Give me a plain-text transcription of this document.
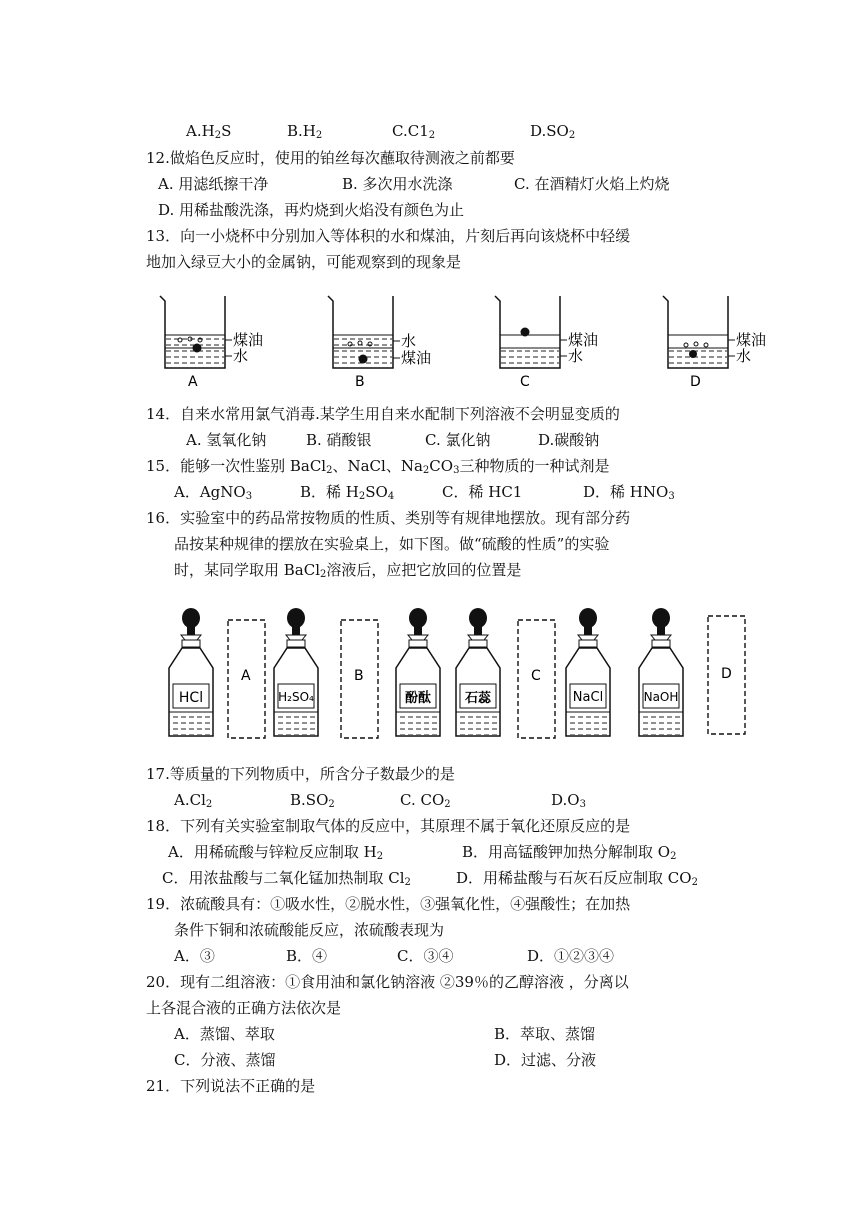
$A.H_2S$	$B.H_2$	$C.C1_2$	$D.SO_2$
12.做焰色反应时，使用的铂丝每次蘸取待测液之前都要
A. 用滤纸擦干净	B. 多次用水洗涤	C. 在酒精灯火焰上灼烧
D. 用稀盐酸洗涤，再灼烧到火焰没有颜色为止
13．向一小烧杯中分别加入等体积的水和煤油，片刻后再向该烧杯中轻缓
地加入绿豆大小的金属钠，可能观察到的现象是
煤油
水
A
水
煤油
B
煤油
水
C
煤油
水
D
14．自来水常用氯气消毒.某学生用自来水配制下列溶液不会明显变质的
A. 氢氧化钠	B. 硝酸银	C. 氯化钠	D.碳酸钠
15．能够一次性鉴别 BaCl$_2$、NaCl、$Na_2CO_3$三种物质的一种试剂是
A．AgNO$_3$	B．稀 $H_2SO_4$	C．稀 HC1	D．稀 $HNO_3$
16．实验室中的药品常按物质的性质、类别等有规律地摆放。现有部分药
品按某种规律的摆放在实验桌上，如下图。做“硫酸的性质”的实验
时，某同学取用 BaCl$_2$溶液后，应把它放回的位置是
A	B	C	D
HCl	H₂SO₄	酚酞	石蕊	NaCl	NaOH
17.等质量的下列物质中，所含分子数最少的是
$A.Cl_2$	$B.SO_2$	C. $CO_2$	$D.O_3$
18．下列有关实验室制取气体的反应中，其原理不属于氧化还原反应的是
A．用稀硫酸与锌粒反应制取 $H_2$	B．用高锰酸钾加热分解制取 $O_2$
C．用浓盐酸与二氧化锰加热制取 $Cl_2$	D．用稀盐酸与石灰石反应制取 $CO_2$
19．浓硫酸具有：①吸水性，②脱水性，③强氧化性，④强酸性；在加热
条件下铜和浓硫酸能反应，浓硫酸表现为
A．③	B．④	C．③④	D．①②③④
20．现有二组溶液：①食用油和氯化钠溶液 ②39％的乙醇溶液 ，分离以
上各混合液的正确方法依次是
A．蒸馏、萃取	B．萃取、蒸馏
C．分液、蒸馏	D．过滤、分液
21．下列说法不正确的是
